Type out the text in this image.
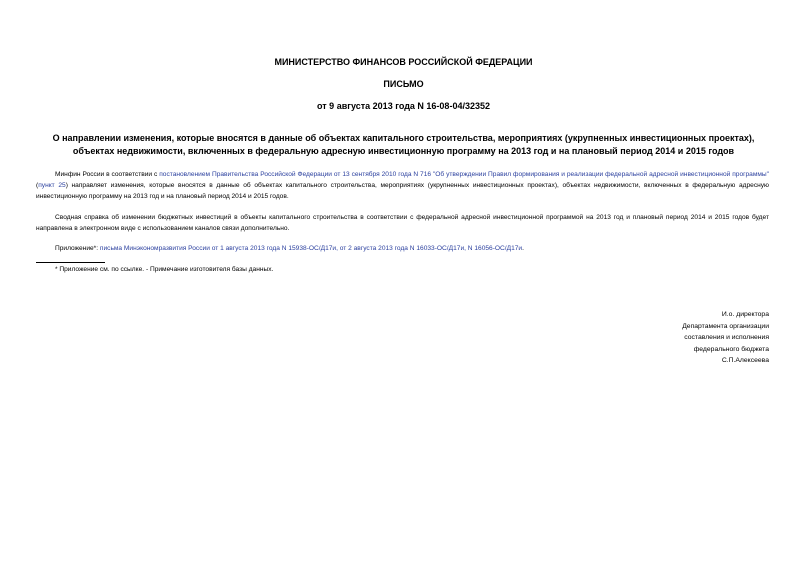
МИНИСТЕРСТВО ФИНАНСОВ РОССИЙСКОЙ ФЕДЕРАЦИИ
ПИСЬМО
от 9 августа 2013 года N 16-08-04/32352
О направлении изменения, которые вносятся в данные об объектах капитального строительства, мероприятиях (укрупненных инвестиционных проектах),
объектах недвижимости, включенных в федеральную адресную инвестиционную программу на 2013 год и на плановый период 2014 и 2015 годов
Минфин России в соответствии с постановлением Правительства Российской Федерации от 13 сентября 2010 года N 716 "Об утверждении Правил формирования и реализации федеральной адресной инвестиционной программы" (пункт 25) направляет изменения, которые вносятся в данные об объектах капитального строительства, мероприятиях (укрупненных инвестиционных проектах), объектах недвижимости, включенных в федеральную адресную инвестиционную программу на 2013 год и на плановый период 2014 и 2015 годов.
Сводная справка об изменении бюджетных инвестиций в объекты капитального строительства в соответствии с федеральной адресной инвестиционной программой на 2013 год и плановый период 2014 и 2015 годов будет направлена в электронном виде с использованием каналов связи дополнительно.
Приложение*: письма Минэкономразвития России от 1 августа 2013 года N 15938-ОС/Д17и, от 2 августа 2013 года N 16033-ОС/Д17и, N 16056-ОС/Д17и.
* Приложение см. по ссылке. - Примечание изготовителя базы данных.
И.о. директора
Департамента организации
составления и исполнения
федерального бюджета
С.П.Алексеева
